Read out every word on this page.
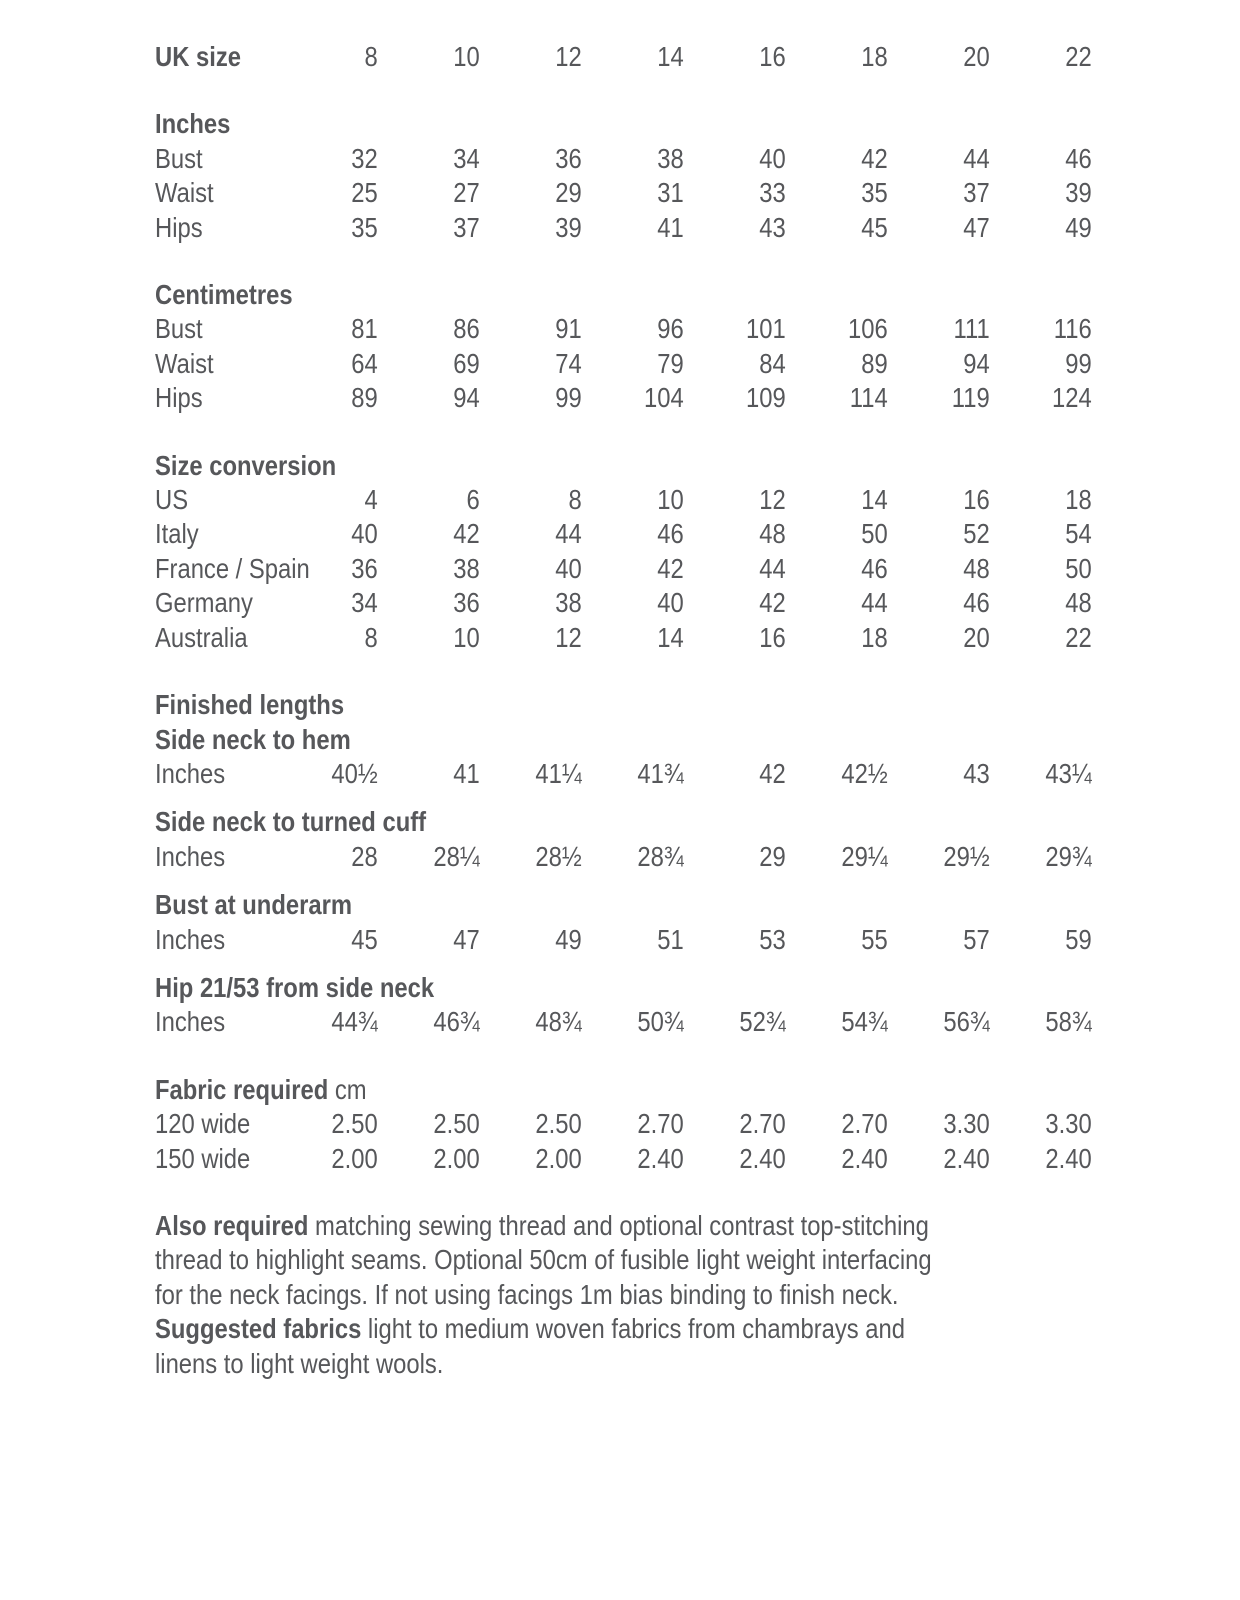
UK size	8	10	12	14	16	18	20	22
Inches
Bust	32	34	36	38	40	42	44	46
Waist	25	27	29	31	33	35	37	39
Hips	35	37	39	41	43	45	47	49
Centimetres
Bust	81	86	91	96	101	106	111	116
Waist	64	69	74	79	84	89	94	99
Hips	89	94	99	104	109	114	119	124
Size conversion
US	4	6	8	10	12	14	16	18
Italy	40	42	44	46	48	50	52	54
France / Spain	36	38	40	42	44	46	48	50
Germany	34	36	38	40	42	44	46	48
Australia	8	10	12	14	16	18	20	22
Finished lengths
Side neck to hem
Inches	40½	41	41¼	41¾	42	42½	43	43¼
Side neck to turned cuff
Inches	28	28¼	28½	28¾	29	29¼	29½	29¾
Bust at underarm
Inches	45	47	49	51	53	55	57	59
Hip 21/53 from side neck
Inches	44¾	46¾	48¾	50¾	52¾	54¾	56¾	58¾
Fabric required cm
120 wide	2.50	2.50	2.50	2.70	2.70	2.70	3.30	3.30
150 wide	2.00	2.00	2.00	2.40	2.40	2.40	2.40	2.40
Also required matching sewing thread and optional contrast top-stitching
thread to highlight seams. Optional 50cm of fusible light weight interfacing
for the neck facings. If not using facings 1m bias binding to finish neck.
Suggested fabrics light to medium woven fabrics from chambrays and
linens to light weight wools.
